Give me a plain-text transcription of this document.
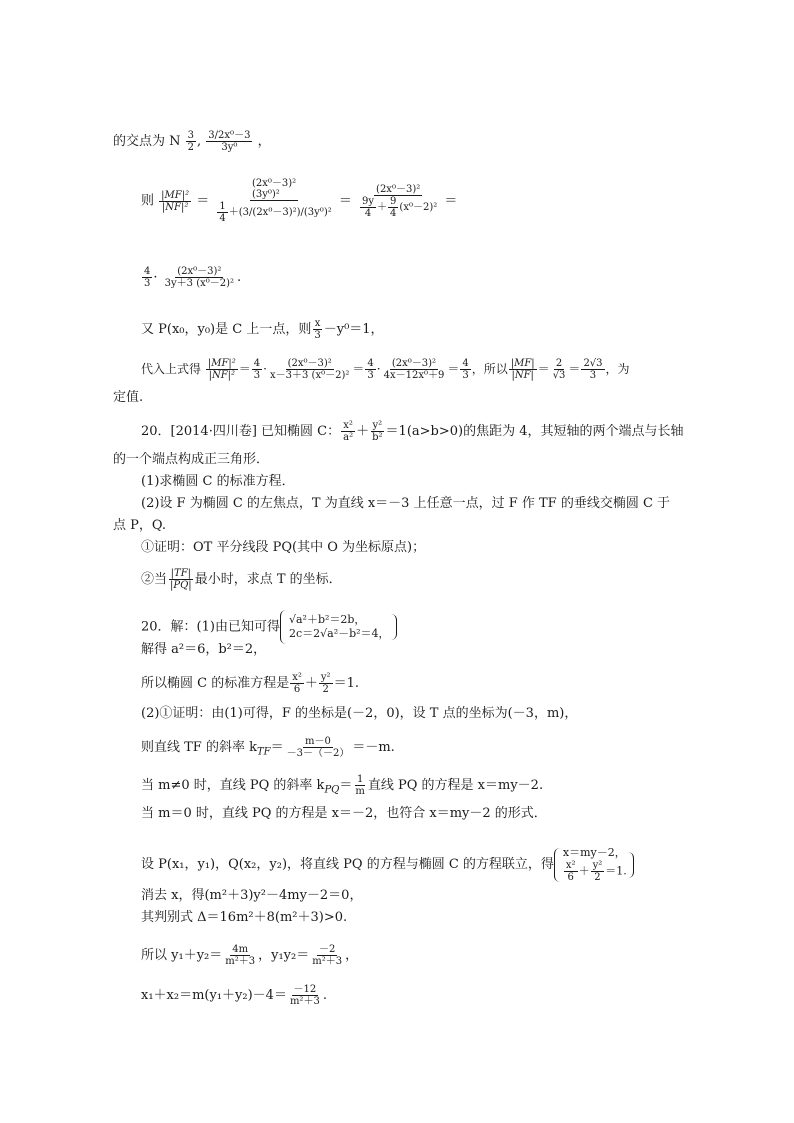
的交点为 N $\frac{3}{2}$ , $\frac{\text{3/2x⁰－3}}{\text{3y⁰}}$ ，
则 $\frac{\text{|MF|²}}{\text{|NF|²}}$ ＝
(2x⁰－3)²
(3y⁰)²
$\frac{1}{4} +(3/(2x^0-3)^2)/(3y^0)^2$
＝ $\frac{\text{(2x⁰－3)²}}{\frac{9y}{4} + \frac{9}{4} (x^0-2)^2}$ ＝
$\frac{4}{3} \cdot \frac{\text{(2x⁰－3)²}}{\text{3y＋3 (x⁰－2)²}}$ .
又 P(x₀，y₀)是 C 上一点，则 $\frac{x}{3} -y^0=1$，
代入上式得 $\frac{\text{|MF|²}}{\text{|NF|²}} = \frac{4}{3} \cdot \frac{\text{(2x⁰－3)²}}{\text{x－3＋3 (x⁰－2)²}} = \frac{4}{3} \cdot \frac{\text{(2x⁰－3)²}}{\text{4x－12x⁰＋9}} = \frac{4}{3}$ ，所以 $\frac{|MF|}{|NF|} = \frac{2}{√3} = \frac{2√3}{3}$ ，为
定值.
20．[2014·四川卷] 已知椭圆 C： $\frac{\text{x²}}{\text{a²}} + \frac{\text{y²}}{\text{b²}} =1(a>b>0)$的焦距为 4，其短轴的两个端点与长轴
的一个端点构成正三角形．
(1)求椭圆 C 的标准方程．
(2)设 F 为椭圆 C 的左焦点，T 为直线 x＝－3 上任意一点，过 F 作 TF 的垂线交椭圆 C 于
点 P，Q.
①证明：OT 平分线段 PQ(其中 O 为坐标原点)；
②当 $\frac{|TF|}{|PQ|}$ 最小时，求点 T 的坐标．
20．解：(1)由已知可得 √a²＋b²＝2b，
2c＝2√a²－b²＝4，
解得 a²＝6，b²＝2，
所以椭圆 C 的标准方程是 $\frac{\text{x²}}{6} + \frac{\text{y²}}{2} =1$.
(2)①证明：由(1)可得，F 的坐标是(－2，0)，设 T 点的坐标为(－3，m)，
则直线 TF 的斜率 $k_{TF}= \frac{m-0}{-3-(-2)} =-m$.
当 m≠0 时，直线 PQ 的斜率 $k_{PQ}= \frac{1}{m}$ 直线 PQ 的方程是 x＝my－2.
当 m＝0 时，直线 PQ 的方程是 x＝－2，也符合 x＝my－2 的形式．
设 P(x₁，y₁)，Q(x₂，y₂)，将直线 PQ 的方程与椭圆 C 的方程联立，得
x＝my－2，
$\frac{\text{x²}}{6} + \frac{\text{y²}}{2} =1$.
消去 x，得(m²＋3)y²－4my－2＝0，
其判别式 Δ＝16m²＋8(m²＋3)>0.
所以 $y_1+y_2= \frac{4m}{\text{m²＋3}}$ ，$y_1y_2= \frac{-2}{\text{m²＋3}}$ ，
$x_1+x_2=m(y_1+y_2)-4= \frac{-12}{\text{m²＋3}}$ .
